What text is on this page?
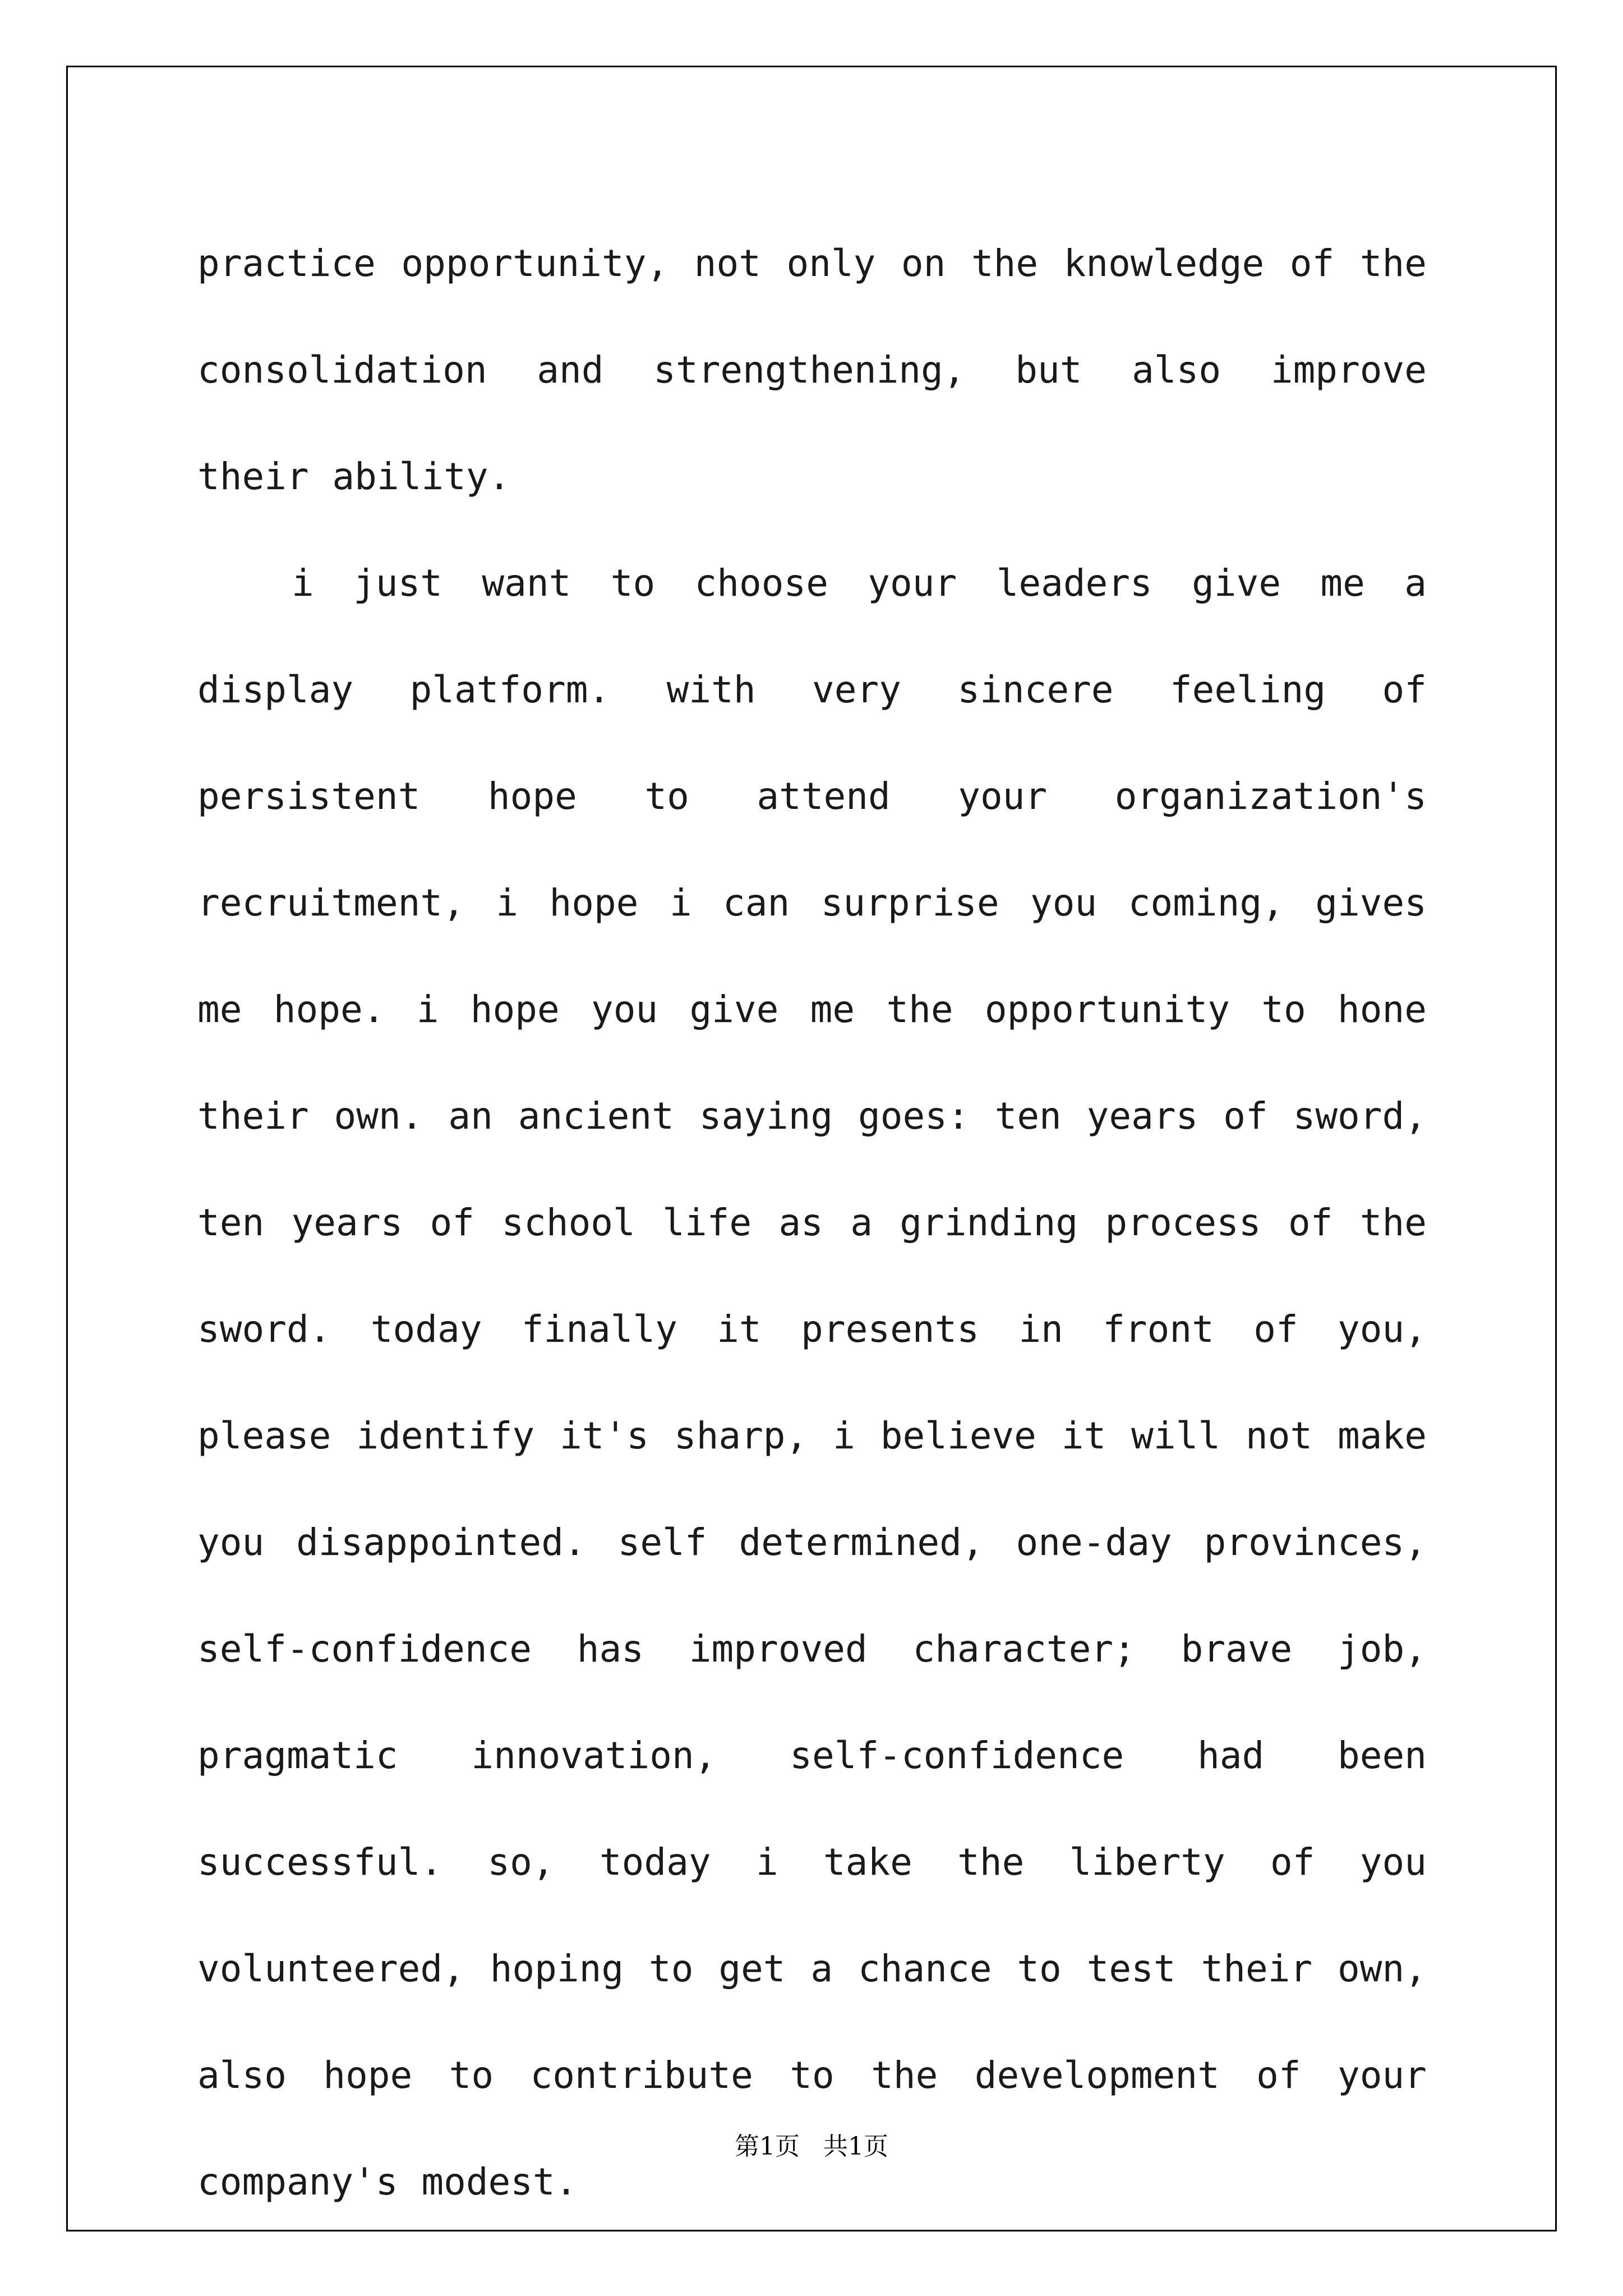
practice opportunity, not only on the knowledge of the consolidation and strengthening, but also improve their ability.

i just want to choose your leaders give me a display platform. with very sincere feeling of persistent hope to attend your organization's recruitment, i hope i can surprise you coming, gives me hope. i hope you give me the opportunity to hone their own. an ancient saying goes: ten years of sword, ten years of school life as a grinding process of the sword. today finally it presents in front of you, please identify it's sharp, i believe it will not make you disappointed. self determined, one-day provinces, self-confidence has improved character; brave job, pragmatic innovation, self-confidence had been successful. so, today i take the liberty of you volunteered, hoping to get a chance to test their own, also hope to contribute to the development of your company's modest.

第1页   共1页
